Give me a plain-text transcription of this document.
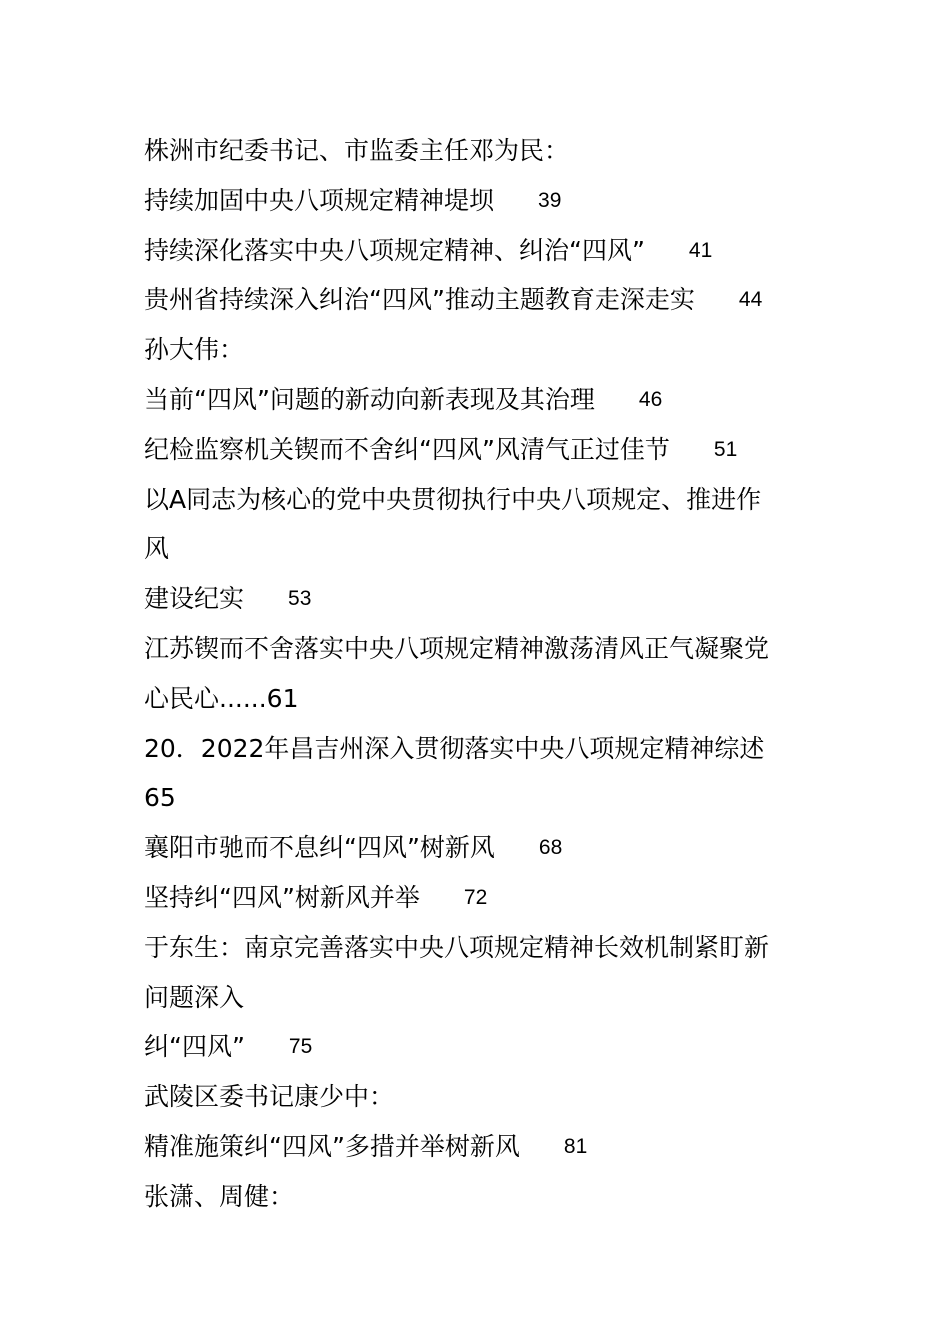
株洲市纪委书记、市监委主任邓为民：
持续加固中央八项规定精神堤坝 39
持续深化落实中央八项规定精神、纠治“四风” 41
贵州省持续深入纠治“四风”推动主题教育走深走实 44
孙大伟：
当前“四风”问题的新动向新表现及其治理 46
纪检监察机关锲而不舍纠“四风”风清气正过佳节 51
以A同志为核心的党中央贯彻执行中央八项规定、推进作
风
建设纪实 53
江苏锲而不舍落实中央八项规定精神激荡清风正气凝聚党
心民心......61
20．2022年昌吉州深入贯彻落实中央八项规定精神综述
65
襄阳市驰而不息纠“四风”树新风 68
坚持纠“四风”树新风并举 72
于东生：南京完善落实中央八项规定精神长效机制紧盯新
问题深入
纠“四风” 75
武陵区委书记康少中：
精准施策纠“四风”多措并举树新风 81
张潇、周健：
